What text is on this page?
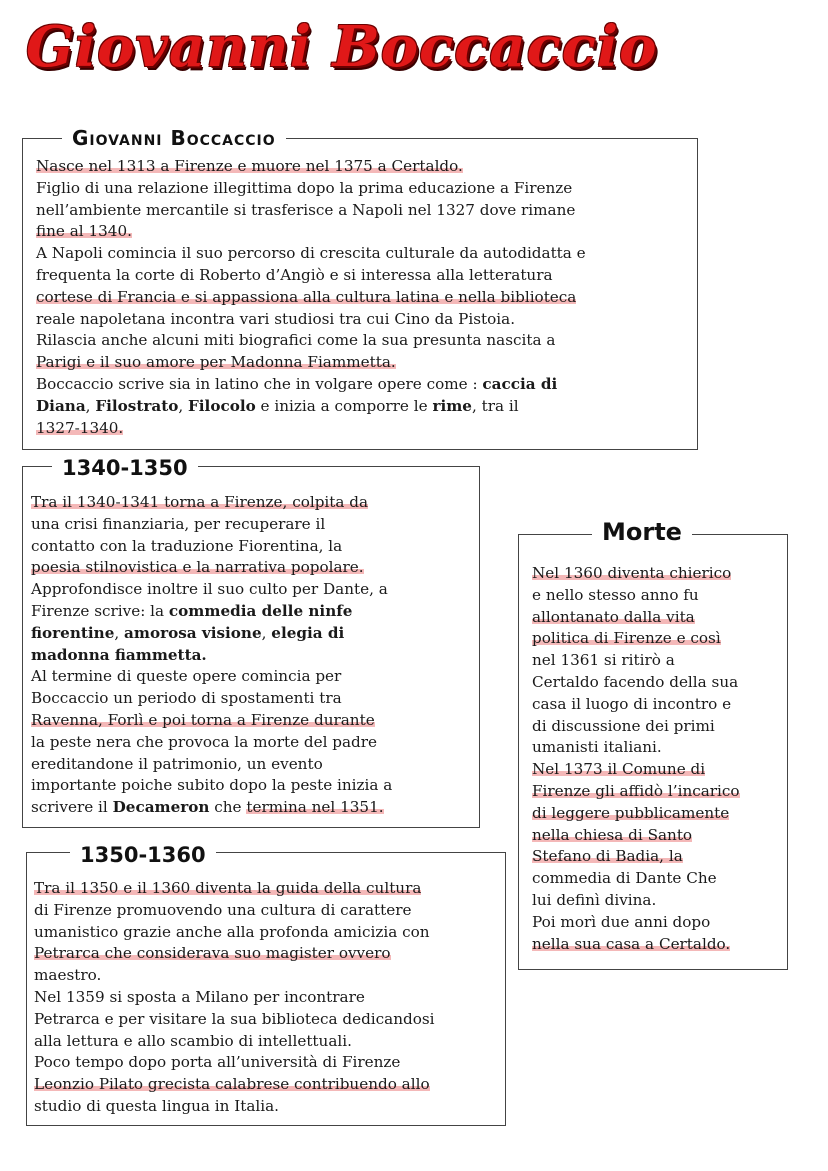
Giovanni Boccaccio
Giovanni Boccaccio
Nasce nel 1313 a Firenze e muore nel 1375 a Certaldo.
Figlio di una relazione illegittima dopo la prima educazione a Firenze
nell’ambiente mercantile si trasferisce a Napoli nel 1327 dove rimane
fine al 1340.
A Napoli comincia il suo percorso di crescita culturale da autodidatta e
frequenta la corte di Roberto d’Angiò e si interessa alla letteratura
cortese di Francia e si appassiona alla cultura latina e nella biblioteca
reale napoletana incontra vari studiosi tra cui Cino da Pistoia.
Rilascia anche alcuni miti biografici come la sua presunta nascita a
Parigi e il suo amore per Madonna Fiammetta.
Boccaccio scrive sia in latino che in volgare opere come : caccia di
Diana, Filostrato, Filocolo e inizia a comporre le rime, tra il
1327-1340.
1340-1350
Tra il 1340-1341 torna a Firenze, colpita da
una crisi finanziaria, per recuperare il
contatto con la traduzione Fiorentina, la
poesia stilnovistica e la narrativa popolare.
Approfondisce inoltre il suo culto per Dante, a
Firenze scrive: la commedia delle ninfe
fiorentine, amorosa visione, elegia di
madonna fiammetta.
Al termine di queste opere comincia per
Boccaccio un periodo di spostamenti tra
Ravenna, Forlì e poi torna a Firenze durante
la peste nera che provoca la morte del padre
ereditandone il patrimonio, un evento
importante poiche subito dopo la peste inizia a
scrivere il Decameron che termina nel 1351.
1350-1360
Tra il 1350 e il 1360 diventa la guida della cultura
di Firenze promuovendo una cultura di carattere
umanistico grazie anche alla profonda amicizia con
Petrarca che considerava suo magister ovvero
maestro.
Nel 1359 si sposta a Milano per incontrare
Petrarca e per visitare la sua biblioteca dedicandosi
alla lettura e allo scambio di intellettuali.
Poco tempo dopo porta all’università di Firenze
Leonzio Pilato grecista calabrese contribuendo allo
studio di questa lingua in Italia.
Morte
Nel 1360 diventa chierico
e nello stesso anno fu
allontanato dalla vita
politica di Firenze e così
nel 1361 si ritirò a
Certaldo facendo della sua
casa il luogo di incontro e
di discussione dei primi
umanisti italiani.
Nel 1373 il Comune di
Firenze gli affidò l’incarico
di leggere pubblicamente
nella chiesa di Santo
Stefano di Badia, la
commedia di Dante Che
lui definì divina.
Poi morì due anni dopo
nella sua casa a Certaldo.
